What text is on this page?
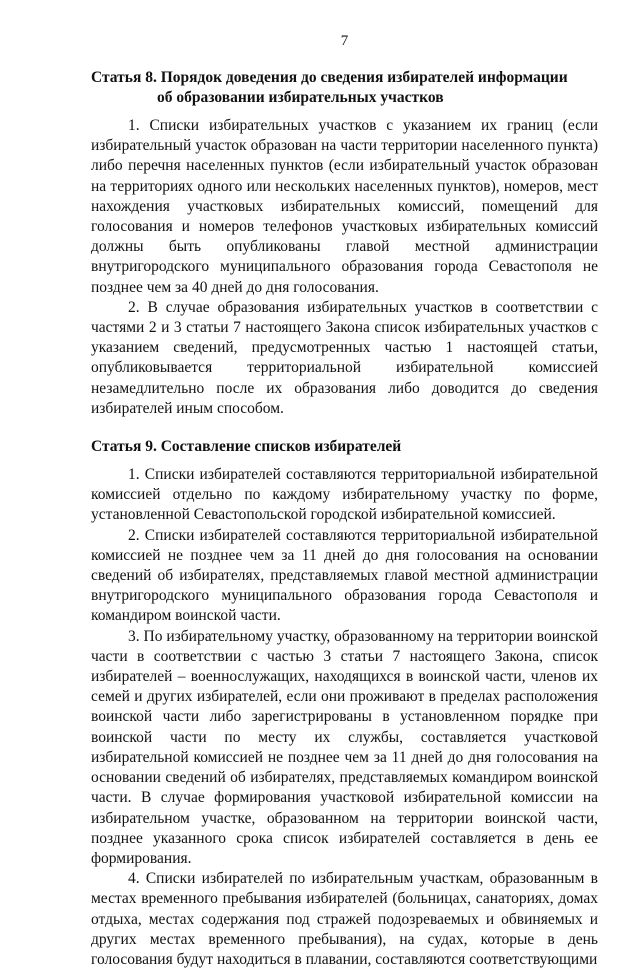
7
Статья 8. Порядок доведения до сведения избирателей информации
об образовании избирательных участков

1. Списки избирательных участков с указанием их границ (если избирательный участок образован на части территории населенного пункта) либо перечня населенных пунктов (если избирательный участок образован на территориях одного или нескольких населенных пунктов), номеров, мест нахождения участковых избирательных комиссий, помещений для голосования и номеров телефонов участковых избирательных комиссий должны быть опубликованы главой местной администрации внутригородского муниципального образования города Севастополя не позднее чем за 40 дней до дня голосования.

2. В случае образования избирательных участков в соответствии с частями 2 и 3 статьи 7 настоящего Закона список избирательных участков с указанием сведений, предусмотренных частью 1 настоящей статьи, опубликовывается территориальной избирательной комиссией незамедлительно после их образования либо доводится до сведения избирателей иным способом.

Статья 9. Составление списков избирателей

1. Списки избирателей составляются территориальной избирательной комиссией отдельно по каждому избирательному участку по форме, установленной Севастопольской городской избирательной комиссией.

2. Списки избирателей составляются территориальной избирательной комиссией не позднее чем за 11 дней до дня голосования на основании сведений об избирателях, представляемых главой местной администрации внутригородского муниципального образования города Севастополя и командиром воинской части.

3. По избирательному участку, образованному на территории воинской части в соответствии с частью 3 статьи 7 настоящего Закона, список избирателей – военнослужащих, находящихся в воинской части, членов их семей и других избирателей, если они проживают в пределах расположения воинской части либо зарегистрированы в установленном порядке при воинской части по месту их службы, составляется участковой избирательной комиссией не позднее чем за 11 дней до дня голосования на основании сведений об избирателях, представляемых командиром воинской части. В случае формирования участковой избирательной комиссии на избирательном участке, образованном на территории воинской части, позднее указанного срока список избирателей составляется в день ее формирования.

4. Списки избирателей по избирательным участкам, образованным в местах временного пребывания избирателей (больницах, санаториях, домах отдыха, местах содержания под стражей подозреваемых и обвиняемых и других местах временного пребывания), на судах, которые в день голосования будут находиться в плавании, составляются соответствующими
